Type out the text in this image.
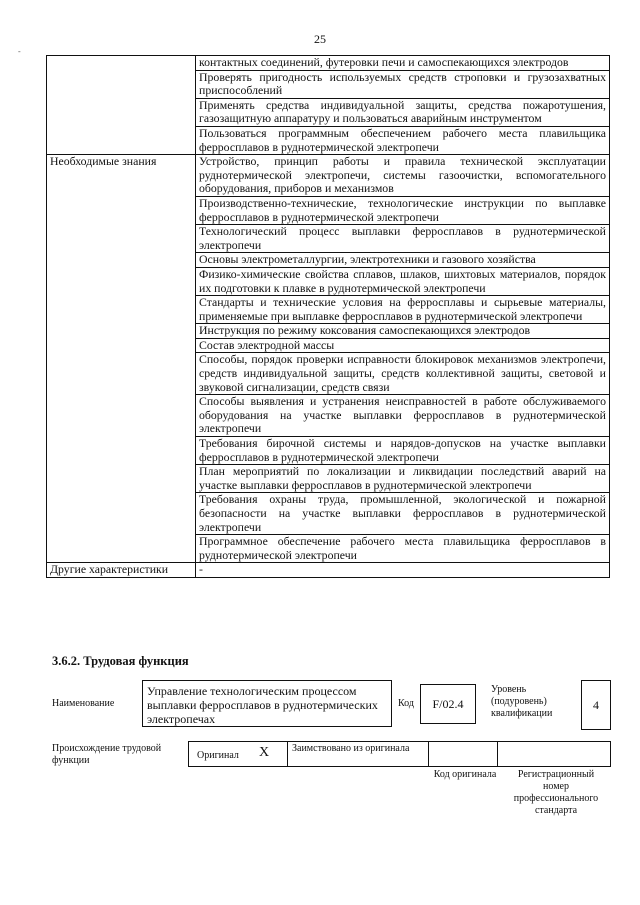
25
-
	контактных соединений, футеровки печи и самоспекающихся электродов
	Проверять пригодность используемых средств строповки и грузозахватных приспособлений
	Применять средства индивидуальной защиты, средства пожаротушения, газозащитную аппаратуру и пользоваться аварийным инструментом
	Пользоваться программным обеспечением рабочего места плавильщика ферросплавов в руднотермической электропечи
Необходимые знания	Устройство, принцип работы и правила технической эксплуатации руднотермической электропечи, системы газоочистки, вспомогательного оборудования, приборов и механизмов
	Производственно-технические, технологические инструкции по выплавке ферросплавов в руднотермической электропечи
	Технологический процесс выплавки ферросплавов в руднотермической электропечи
	Основы электрометаллургии, электротехники и газового хозяйства
	Физико-химические свойства сплавов, шлаков, шихтовых материалов, порядок их подготовки к плавке в руднотермической электропечи
	Стандарты и технические условия на ферросплавы и сырьевые материалы, применяемые при выплавке ферросплавов в руднотермической электропечи
	Инструкция по режиму коксования самоспекающихся электродов
	Состав электродной массы
	Способы, порядок проверки исправности блокировок механизмов электропечи, средств индивидуальной защиты, средств коллективной защиты, световой и звуковой сигнализации, средств связи
	Способы выявления и устранения неисправностей в работе обслуживаемого оборудования на участке выплавки ферросплавов в руднотермической электропечи
	Требования бирочной системы и нарядов-допусков на участке выплавки ферросплавов в руднотермической электропечи
	План мероприятий по локализации и ликвидации последствий аварий на участке выплавки ферросплавов в руднотермической электропечи
	Требования охраны труда, промышленной, экологической и пожарной безопасности на участке выплавки ферросплавов в руднотермической электропечи
	Программное обеспечение рабочего места плавильщика ферросплавов в руднотермической электропечи
Другие характеристики	-
3.6.2. Трудовая функция
Наименование
Управление технологическим процессом выплавки ферросплавов в руднотермических электропечах
Код	F/02.4
Уровень (подуровень) квалификации
4
Происхождение трудовой функции	Оригинал X Заимствовано из оригинала
Код оригинала	Регистрационный номер профессионального стандарта
